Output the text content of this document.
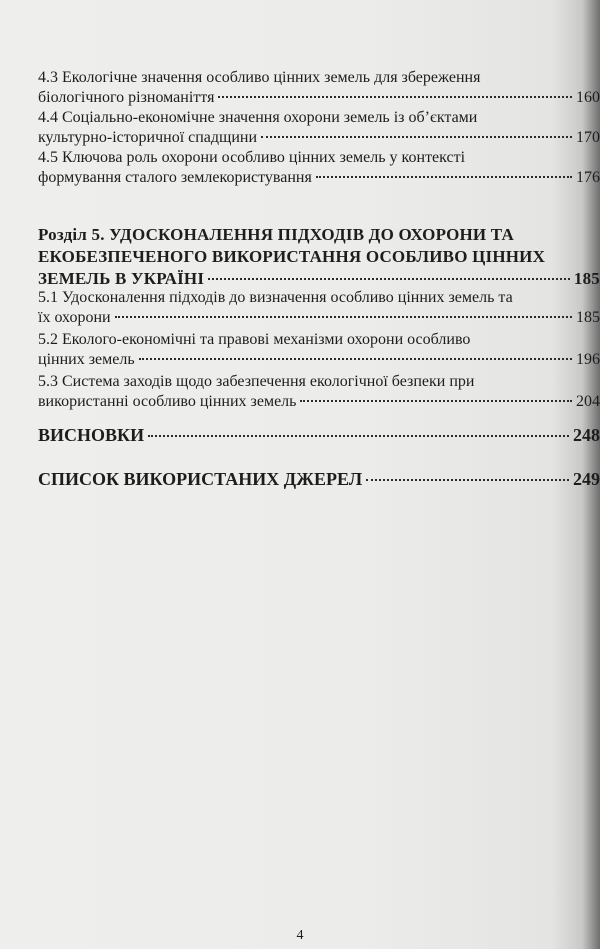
4.3 Екологічне значення особливо цінних земель для збереження
біологічного різноманіття	160
4.4 Соціально-економічне значення охорони земель із об’єктами
культурно-історичної спадщини	170
4.5 Ключова роль охорони особливо цінних земель у контексті
формування сталого землекористування	176
Розділ 5. УДОСКОНАЛЕННЯ ПІДХОДІВ ДО ОХОРОНИ ТА
ЕКОБЕЗПЕЧЕНОГО ВИКОРИСТАННЯ ОСОБЛИВО ЦІННИХ
ЗЕМЕЛЬ В УКРАЇНІ	185
5.1 Удосконалення підходів до визначення особливо цінних земель та
їх охорони	185
5.2 Еколого-економічні та правові механізми охорони особливо
цінних земель	196
5.3 Система заходів щодо забезпечення екологічної безпеки при
використанні особливо цінних земель	204
ВИСНОВКИ	248
СПИСОК ВИКОРИСТАНИХ ДЖЕРЕЛ	249
4
